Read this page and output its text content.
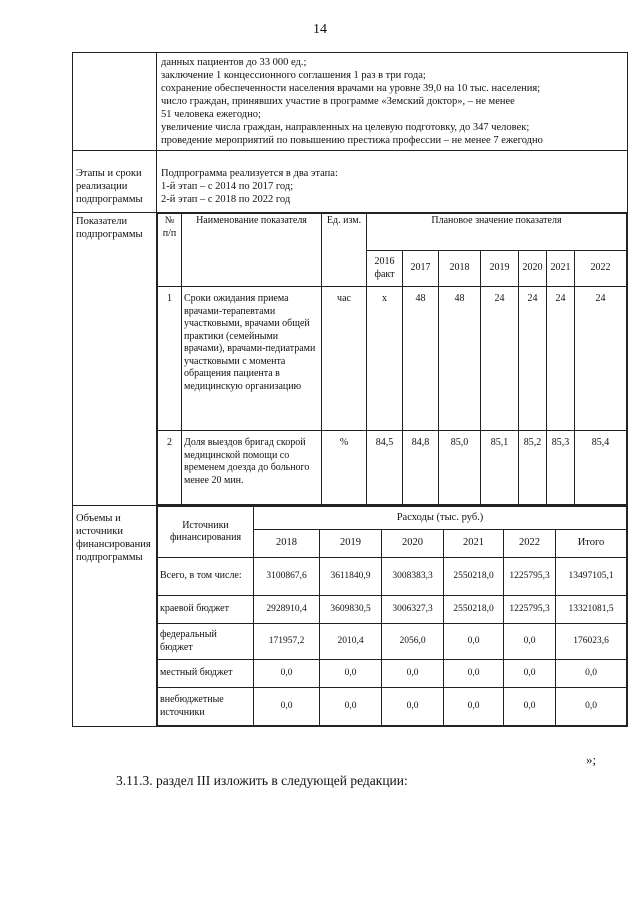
14

данных пациентов до 33 000 ед.;
заключение 1 концессионного соглашения 1 раз в три года;
сохранение обеспеченности населения врачами на уровне 39,0 на 10 тыс. населения;
число граждан, принявших участие в программе «Земский доктор», – не менее
51 человека ежегодно;
увеличение числа граждан, направленных на целевую подготовку, до 347 человек;
проведение мероприятий по повышению престижа профессии – не менее 7 ежегодно

Этапы и сроки реализации подпрограммы	
Подпрограмма реализуется в два этапа:
1-й этап – с 2014 по 2017 год;
2-й этап – с 2018 по 2022 год

Показатели подпрограммы	
№ п/п	Наименование показателя	Ед. изм.	Плановое значение показателя
2016 факт	2017	2018	2019	2020	2021	2022
1	Сроки ожидания приема врачами-терапевтами участковыми, врачами общей практики (семейными врачами), врачами-педиатрами участковыми с момента обращения пациента в медицинскую организацию	час	х	48	48	24	24	24	24
2	Доля выездов бригад скорой медицинской помощи со временем доезда до больного менее 20 мин.	%	84,5	84,8	85,0	85,1	85,2	85,3	85,4

Объемы и источники финансирования подпрограммы	
Источники финансирования	Расходы (тыс. руб.)
2018	2019	2020	2021	2022	Итого
Всего, в том числе:	3100867,6	3611840,9	3008383,3	2550218,0	1225795,3	13497105,1
краевой бюджет	2928910,4	3609830,5	3006327,3	2550218,0	1225795,3	13321081,5
федеральный бюджет	171957,2	2010,4	2056,0	0,0	0,0	176023,6
местный бюджет	0,0	0,0	0,0	0,0	0,0	0,0
внебюджетные источники	0,0	0,0	0,0	0,0	0,0	0,0
»;
3.11.3. раздел III изложить в следующей редакции:
